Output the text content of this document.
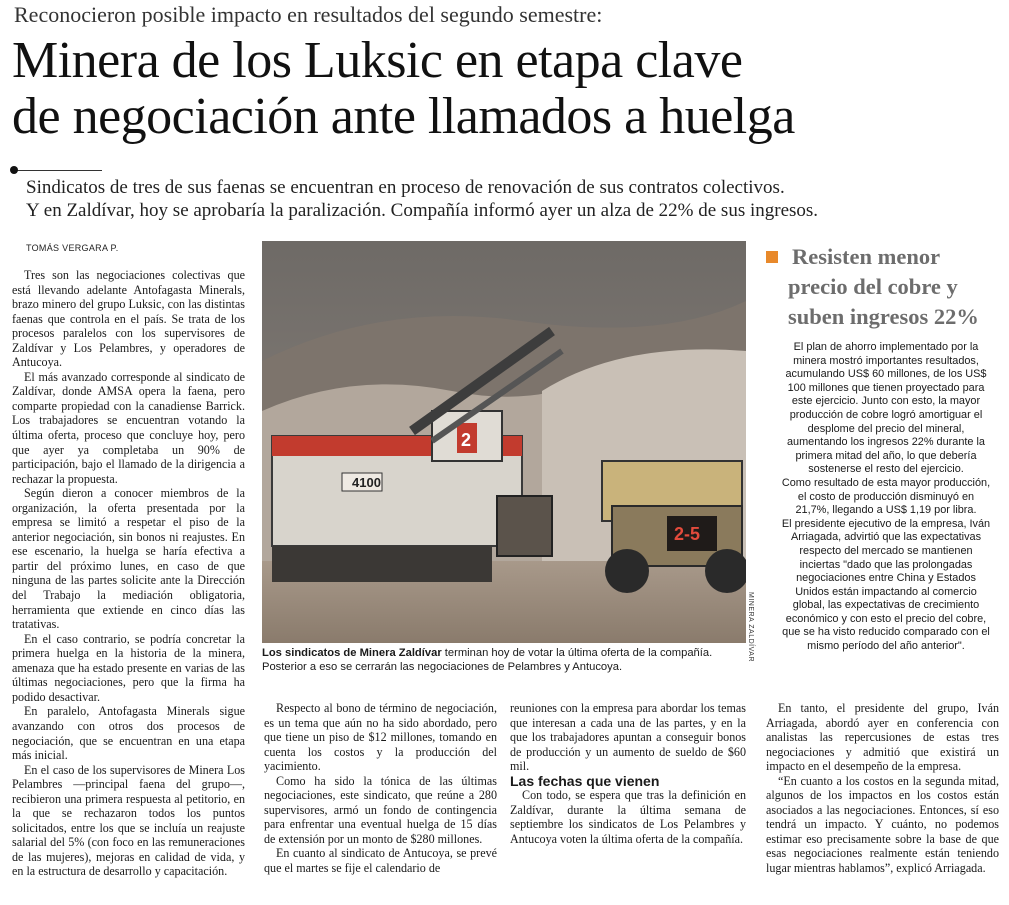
Reconocieron posible impacto en resultados del segundo semestre:
Minera de los Luksic en etapa clave
de negociación ante llamados a huelga
Sindicatos de tres de sus faenas se encuentran en proceso de renovación de sus contratos colectivos.
Y en Zaldívar, hoy se aprobaría la paralización. Compañía informó ayer un alza de 22% de sus ingresos.
TOMÁS VERGARA P.

Tres son las negociaciones colectivas que está llevando adelante Antofagasta Minerals, brazo minero del grupo Luksic, con las distintas faenas que controla en el país. Se trata de los procesos paralelos con los supervisores de Zaldívar y Los Pelambres, y operadores de Antucoya.

El más avanzado corresponde al sindicato de Zaldívar, donde AMSA opera la faena, pero comparte propiedad con la canadiense Barrick. Los trabajadores se encuentran votando la última oferta, proceso que concluye hoy, pero que ayer ya completaba un 90% de participación, bajo el llamado de la dirigencia a rechazar la propuesta.

Según dieron a conocer miembros de la organización, la oferta presentada por la empresa se limitó a respetar el piso de la anterior negociación, sin bonos ni reajustes. En ese escenario, la huelga se haría efectiva a partir del próximo lunes, en caso de que ninguna de las partes solicite ante la Dirección del Trabajo la mediación obligatoria, herramienta que extiende en cinco días las tratativas.

En el caso contrario, se podría concretar la primera huelga en la historia de la minera, amenaza que ha estado presente en varias de las últimas negociaciones, pero que la firma ha podido desactivar.

En paralelo, Antofagasta Minerals sigue avanzando con otros dos procesos de negociación, que se encuentran en una etapa más inicial.

En el caso de los supervisores de Minera Los Pelambres —principal faena del grupo—, recibieron una primera respuesta al petitorio, en la que se rechazaron todos los puntos solicitados, entre los que se incluía un reajuste salarial del 5% (con foco en las remuneraciones de las mujeres), mejoras en calidad de vida, y en la estructura de desarrollo y capacitación.

4100
2
2-5
MINERA ZALDÍVAR
Los sindicatos de Minera Zaldívar terminan hoy de votar la última oferta de la compañía. Posterior a eso se cerrarán las negociaciones de Pelambres y Antucoya.
Resisten menor
precio del cobre y
suben ingresos 22%

El plan de ahorro implementado por la minera mostró importantes resultados, acumulando US$ 60 millones, de los US$ 100 millones que tienen proyectado para este ejercicio. Junto con esto, la mayor producción de cobre logró amortiguar el desplome del precio del mineral, aumentando los ingresos 22% durante la primera mitad del año, lo que debería sostenerse el resto del ejercicio.

Como resultado de esta mayor producción, el costo de producción disminuyó en 21,7%, llegando a US$ 1,19 por libra.

El presidente ejecutivo de la empresa, Iván Arriagada, advirtió que las expectativas respecto del mercado se mantienen inciertas "dado que las prolongadas negociaciones entre China y Estados Unidos están impactando al comercio global, las expectativas de crecimiento económico y con esto el precio del cobre, que se ha visto reducido comparado con el mismo período del año anterior".

Respecto al bono de término de negociación, es un tema que aún no ha sido abordado, pero que tiene un piso de $12 millones, tomando en cuenta los costos y la producción del yacimiento.

Como ha sido la tónica de las últimas negociaciones, este sindicato, que reúne a 280 supervisores, armó un fondo de contingencia para enfrentar una eventual huelga de 15 días de extensión por un monto de $280 millones.

En cuanto al sindicato de Antucoya, se prevé que el martes se fije el calendario de

reuniones con la empresa para abordar los temas que interesan a cada una de las partes, y en la que los trabajadores apuntan a conseguir bonos de producción y un aumento de sueldo de $60 mil.

Las fechas que vienen

Con todo, se espera que tras la definición en Zaldívar, durante la última semana de septiembre los sindicatos de Los Pelambres y Antucoya voten la última oferta de la compañía.

En tanto, el presidente del grupo, Iván Arriagada, abordó ayer en conferencia con analistas las repercusiones de estas tres negociaciones y admitió que existirá un impacto en el desempeño de la empresa.

“En cuanto a los costos en la segunda mitad, algunos de los impactos en los costos están asociados a las negociaciones. Entonces, sí eso tendrá un impacto. Y cuánto, no podemos estimar eso precisamente sobre la base de que esas negociaciones realmente están teniendo lugar mientras hablamos”, explicó Arriagada.
